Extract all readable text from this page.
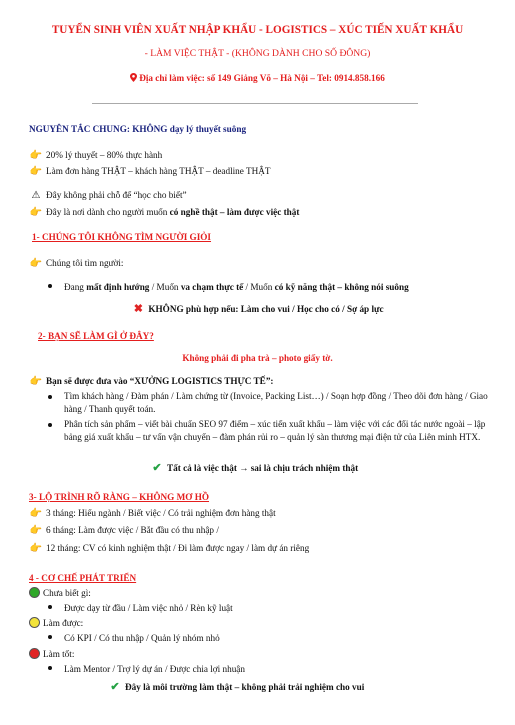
TUYỂN SINH VIÊN XUẤT NHẬP KHẨU - LOGISTICS – XÚC TIẾN XUẤT KHẨU
- LÀM VIỆC THẬT - (KHÔNG DÀNH CHO SỐ ĐÔNG)
Địa chỉ làm việc: số 149 Giảng Võ – Hà Nội – Tel: 0914.858.166
NGUYÊN TẮC CHUNG: KHÔNG dạy lý thuyết suông
👉 20% lý thuyết – 80% thực hành
👉 Làm đơn hàng THẬT – khách hàng THẬT – deadline THẬT
⚠ Đây không phải chỗ để “học cho biết”
👉 Đây là nơi dành cho người muốn có nghề thật – làm được việc thật
1- CHÚNG TÔI KHÔNG TÌM NGƯỜI GIỎI
👉 Chúng tôi tìm người:
Đang mất định hướng / Muốn va chạm thực tế / Muốn có kỹ năng thật – không nói suông
✖ KHÔNG phù hợp nếu: Làm cho vui / Học cho có / Sợ áp lực
2- BẠN SẼ LÀM GÌ Ở ĐÂY?
Không phải đi pha trà – photo giấy tờ.
👉 Bạn sẽ được đưa vào “XƯỞNG LOGISTICS THỰC TẾ”:
Tìm khách hàng / Đàm phán / Làm chứng từ (Invoice, Packing List…) / Soạn hợp đồng / Theo dõi đơn hàng / Giao hàng / Thanh quyết toán.
Phân tích sản phẩm – viết bài chuẩn SEO 97 điểm – xúc tiến xuất khẩu – làm việc với các đối tác nước ngoài – lập bảng giá xuất khẩu – tư vấn vận chuyển – đàm phán rủi ro – quản lý sàn thương mại điện tử của Liên minh HTX.
✔ Tất cả là việc thật → sai là chịu trách nhiệm thật
3- LỘ TRÌNH RÕ RÀNG – KHÔNG MƠ HỒ
👉 3 tháng: Hiểu ngành / Biết việc / Có trải nghiệm đơn hàng thật
👉 6 tháng: Làm được việc / Bắt đầu có thu nhập /
👉 12 tháng: CV có kinh nghiệm thật / Đi làm được ngay / làm dự án riêng
4 - CƠ CHẾ PHÁT TRIỂN
Chưa biết gì:
Được dạy từ đầu / Làm việc nhỏ / Rèn kỹ luật
Làm được:
Có KPI / Có thu nhập / Quản lý nhóm nhỏ
Làm tốt:
Làm Mentor / Trợ lý dự án / Được chia lợi nhuận
✔ Đây là môi trường làm thật – không phải trải nghiệm cho vui
